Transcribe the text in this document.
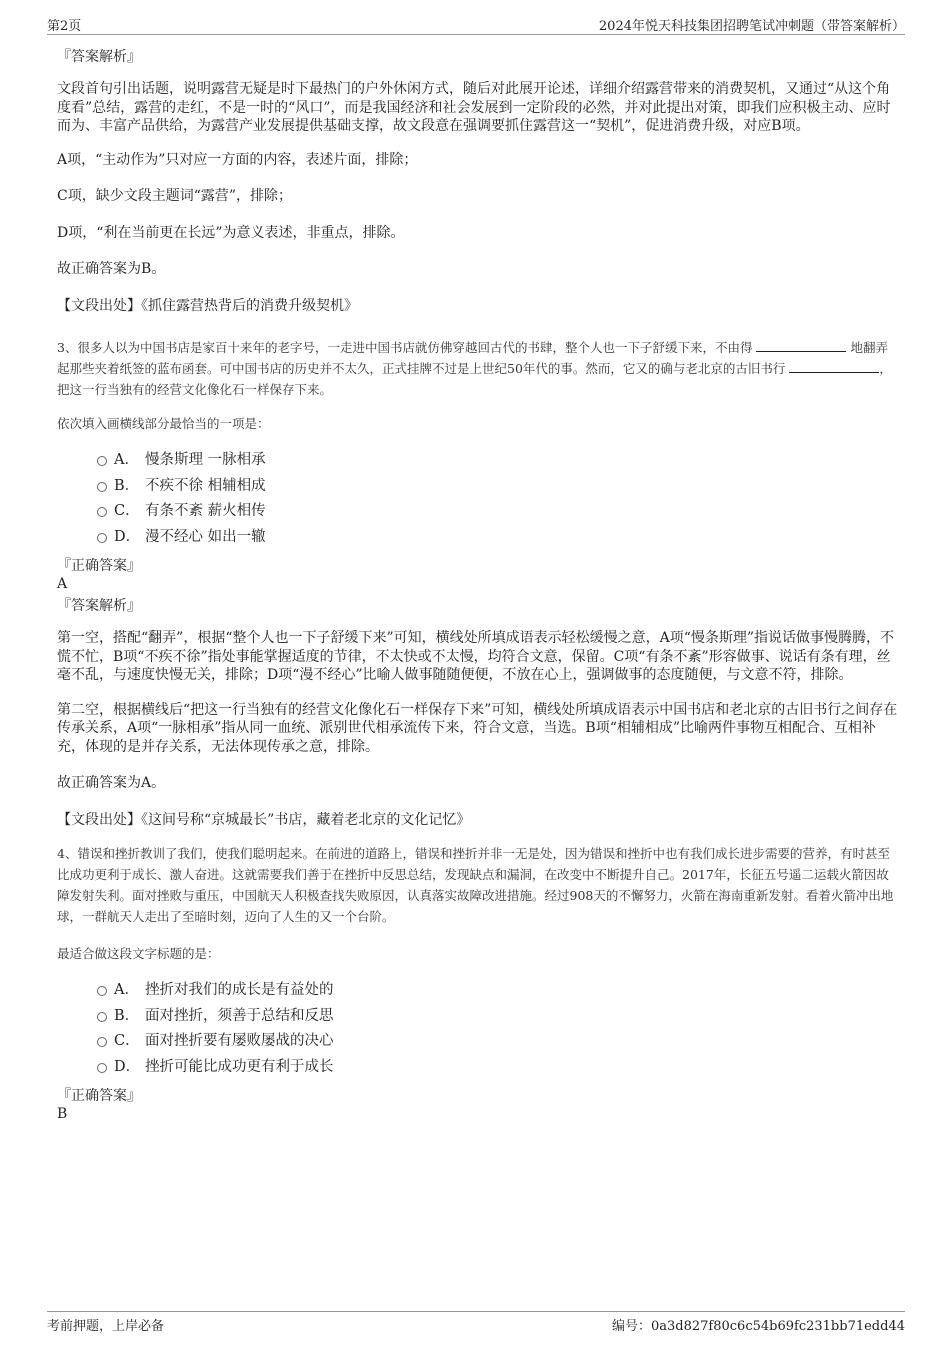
第2页	2024年悦天科技集团招聘笔试冲刺题（带答案解析）

『答案解析』

文段首句引出话题，说明露营无疑是时下最热门的户外休闲方式，随后对此展开论述，详细介绍露营带来的消费契机，又通过“从这个角度看”总结，露营的走红，不是一时的“风口”，而是我国经济和社会发展到一定阶段的必然，并对此提出对策，即我们应积极主动、应时而为、丰富产品供给，为露营产业发展提供基础支撑，故文段意在强调要抓住露营这一“契机”，促进消费升级，对应B项。

A项，“主动作为”只对应一方面的内容，表述片面，排除；

C项，缺少文段主题词“露营”，排除；

D项，“利在当前更在长远”为意义表述，非重点，排除。

故正确答案为B。

【文段出处】《抓住露营热背后的消费升级契机》

3、很多人以为中国书店是家百十来年的老字号，一走进中国书店就仿佛穿越回古代的书肆，整个人也一下子舒缓下来，不由得	地翻弄起那些夹着纸签的蓝布函套。可中国书店的历史并不太久，正式挂牌不过是上世纪50年代的事。然而，它又的确与老北京的古旧书行	，把这一行当独有的经营文化像化石一样保存下来。

依次填入画横线部分最恰当的一项是：

A． 慢条斯理 一脉相承
B． 不疾不徐 相辅相成
C． 有条不紊 薪火相传
D． 漫不经心 如出一辙

『正确答案』

A

『答案解析』

第一空，搭配“翻弄”，根据“整个人也一下子舒缓下来”可知，横线处所填成语表示轻松缓慢之意，A项“慢条斯理”指说话做事慢腾腾，不慌不忙，B项“不疾不徐”指处事能掌握适度的节律，不太快或不太慢，均符合文意，保留。C项“有条不紊”形容做事、说话有条有理，丝毫不乱，与速度快慢无关，排除；D项“漫不经心”比喻人做事随随便便，不放在心上，强调做事的态度随便，与文意不符，排除。

第二空，根据横线后“把这一行当独有的经营文化像化石一样保存下来”可知，横线处所填成语表示中国书店和老北京的古旧书行之间存在传承关系，A项“一脉相承”指从同一血统、派别世代相承流传下来，符合文意，当选。B项“相辅相成”比喻两件事物互相配合、互相补充，体现的是并存关系，无法体现传承之意，排除。

故正确答案为A。

【文段出处】《这间号称“京城最长”书店，藏着老北京的文化记忆》

4、错误和挫折教训了我们，使我们聪明起来。在前进的道路上，错误和挫折并非一无是处，因为错误和挫折中也有我们成长进步需要的营养，有时甚至比成功更利于成长、激人奋进。这就需要我们善于在挫折中反思总结，发现缺点和漏洞，在改变中不断提升自己。2017年，长征五号遥二运载火箭因故障发射失利。面对挫败与重压，中国航天人积极查找失败原因，认真落实故障改进措施。经过908天的不懈努力，火箭在海南重新发射。看着火箭冲出地球，一群航天人走出了至暗时刻，迈向了人生的又一个台阶。

最适合做这段文字标题的是：

A． 挫折对我们的成长是有益处的
B． 面对挫折，须善于总结和反思
C． 面对挫折要有屡败屡战的决心
D． 挫折可能比成功更有利于成长

『正确答案』

B

考前押题，上岸必备	编号：0a3d827f80c6c54b69fc231bb71edd44
